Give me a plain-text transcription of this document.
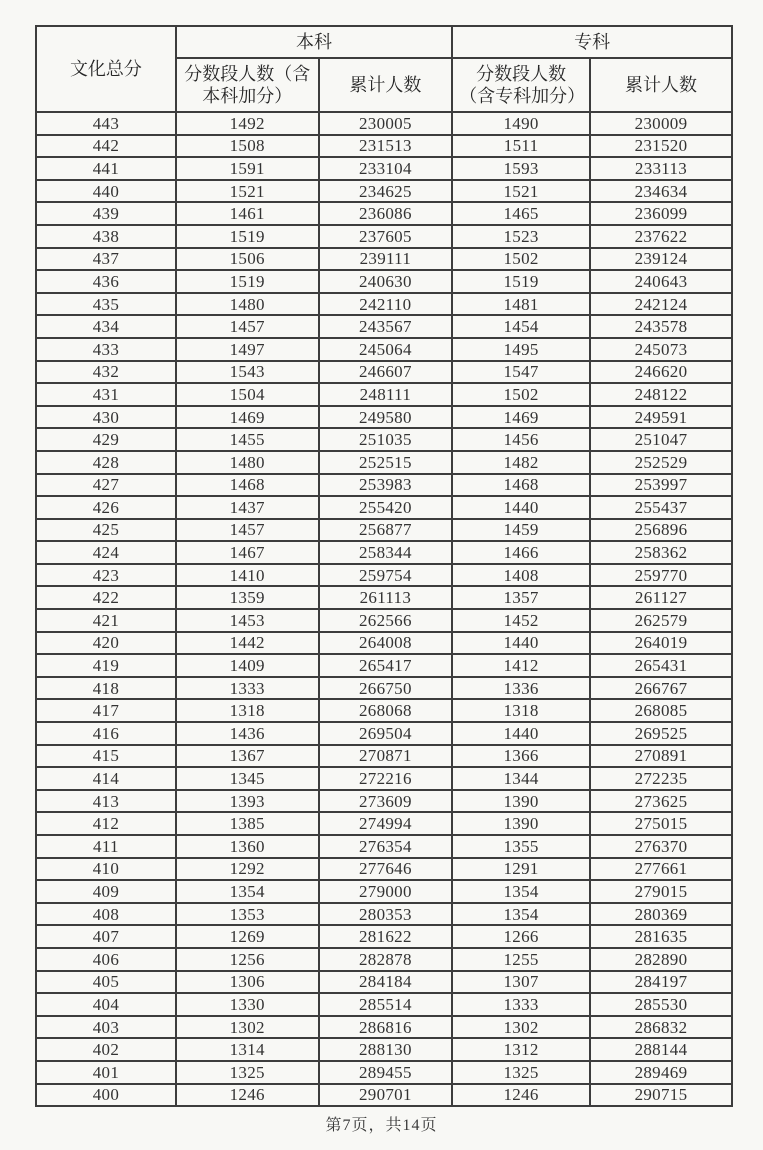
文化总分	本科		专科	
	分数段人数（含本科加分）	累计人数	分数段人数（含专科加分）	累计人数
443	1492	230005	1490	230009
442	1508	231513	1511	231520
441	1591	233104	1593	233113
440	1521	234625	1521	234634
439	1461	236086	1465	236099
438	1519	237605	1523	237622
437	1506	239111	1502	239124
436	1519	240630	1519	240643
435	1480	242110	1481	242124
434	1457	243567	1454	243578
433	1497	245064	1495	245073
432	1543	246607	1547	246620
431	1504	248111	1502	248122
430	1469	249580	1469	249591
429	1455	251035	1456	251047
428	1480	252515	1482	252529
427	1468	253983	1468	253997
426	1437	255420	1440	255437
425	1457	256877	1459	256896
424	1467	258344	1466	258362
423	1410	259754	1408	259770
422	1359	261113	1357	261127
421	1453	262566	1452	262579
420	1442	264008	1440	264019
419	1409	265417	1412	265431
418	1333	266750	1336	266767
417	1318	268068	1318	268085
416	1436	269504	1440	269525
415	1367	270871	1366	270891
414	1345	272216	1344	272235
413	1393	273609	1390	273625
412	1385	274994	1390	275015
411	1360	276354	1355	276370
410	1292	277646	1291	277661
409	1354	279000	1354	279015
408	1353	280353	1354	280369
407	1269	281622	1266	281635
406	1256	282878	1255	282890
405	1306	284184	1307	284197
404	1330	285514	1333	285530
403	1302	286816	1302	286832
402	1314	288130	1312	288144
401	1325	289455	1325	289469
400	1246	290701	1246	290715
第7页，共14页
